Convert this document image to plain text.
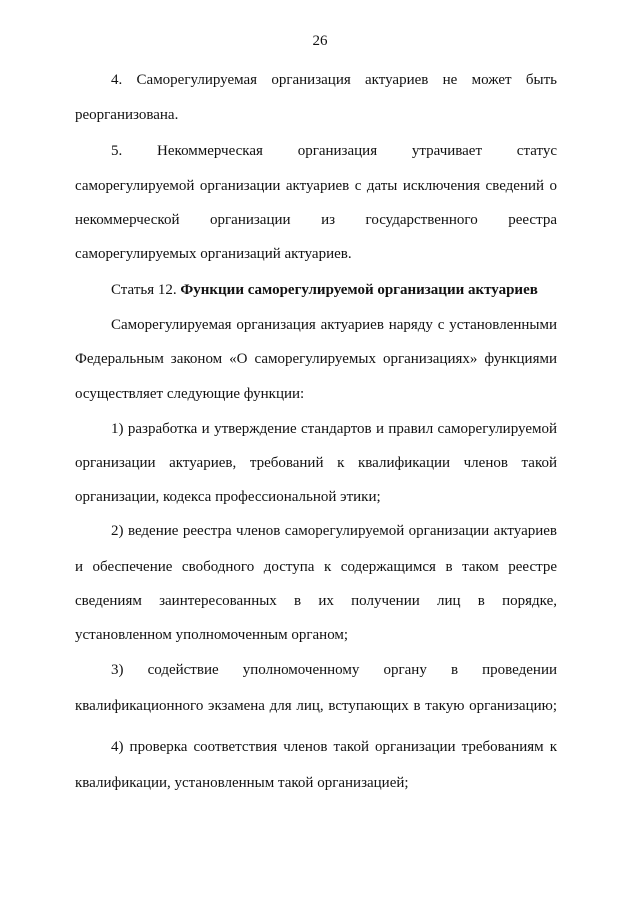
26
4. Саморегулируемая организация актуариев не может быть
реорганизована.
5. Некоммерческая организация утрачивает статус
саморегулируемой организации актуариев с даты исключения сведений о
некоммерческой организации из государственного реестра
саморегулируемых организаций актуариев.
Статья 12. Функции саморегулируемой организации актуариев
Саморегулируемая организация актуариев наряду с установленными
Федеральным законом «О саморегулируемых организациях» функциями
осуществляет следующие функции:
1) разработка и утверждение стандартов и правил саморегулируемой
организации актуариев, требований к квалификации членов такой
организации, кодекса профессиональной этики;
2) ведение реестра членов саморегулируемой организации актуариев
и обеспечение свободного доступа к содержащимся в таком реестре
сведениям заинтересованных в их получении лиц в порядке,
установленном уполномоченным органом;
3) содействие уполномоченному органу в проведении
квалификационного экзамена для лиц, вступающих в такую организацию;
4) проверка соответствия членов такой организации требованиям к
квалификации, установленным такой организацией;
